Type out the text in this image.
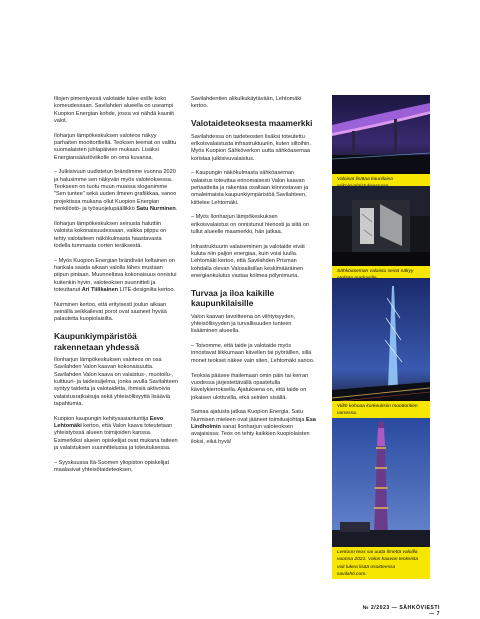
Iltojen pimentyessä valotaide tulee esille koko komeudessaan. Savilahden alueella on useampi Kuopion Energian kohde, jossa voi nähdä kauniit valot.

Iloharjun lämpökeskuksen valoteos näkyy parhaiten moottoritieltä. Teoksen teemat on valittu suomalaisten juhlapäivien mukaan. Lisäksi Energiansäästöviikolle on oma kuvansa.

– Julkisivuun uudistetun brändimme vuonna 2020 ja halusimme sen näkyvän myös valoteoksessa. Teokseen on tuotu muun muassa sloganimme "Sen tuntee" sekä uuden ilmeen grafiikkaa, sanoo projektissa mukana ollut Kuopion Energian henkilöstö- ja työsuojelupäällikkö Satu Nurminen.

Iloharjun lämpökeskuksen seinusta haluttiin valoista kokonaisuudessaan, vaikka piippu on tehty valotaiteen näkökulmasta haastavasta todella tummasta corten teräksestä.

– Myös Kuopion Energian brändiväri keltainen on hankala saada aikaan valolla lähes mustaan piipun pintaan. Muunneltava kokonaisuus onnistui kuitenkin hyvin, valoteoksen suunnitteli ja toteuttanut Ari Tiilikainen LITE-designilta kertoo.

Nurminen kertoo, että erityisesti joulun aikaan seinällä seikkailevat porot ovat saaneet hyvää palautetta kuopiolaisilta.

Kaupunkiympäristöä rakennetaan yhdessä

Ilonharjun lämpökeskuksen valoteos on osa Savilahden Valon kaavan kokonaisuutta. Savilahden Valon kaava on valaistus-, muotoilu-, kulttuuri- ja taidesuljelma, jonka avulla Savilahteen syntyy taidetta ja valotaidetta, ihmisiä aktivoivia valaistusratkaisuja sekä yhteisöllisyyttä lisääviä tapahtumia.

Kuopion kaupungin kehitysasiantuntija Eevo Lehtomäki kertoo, että Valon kaava toteutetaan yhteistyössä alueen toimijoiden kanssa. Esimerkiksi alueen opiskelijat ovat mukana taiteen ja valaistuksen suunnittelussa ja toteutuksessa.

– Syyskuussa Itä-Suomen yliopiston opiskelijat maalasivat yhteisötaideteoksen,

Savilahdentien alikulkukäytävään, Lehtomäki kertoo.

Valotaideteoksesta maamerkki

Savilahdessa on taideteosten lisäksi toteutettu erikoisvalaistusta infrastruktuuriin, kuten siltoihin. Myös Kuopion Sähköverkon uutta sähköasemaa koristaa julkisivuvalaistus.

– Kaupungin näkökulmasta sähköaseman valaistus toteuttaa erinomaisesti Valon kaavan periaatteita ja rakentaa osaltaan kiinnostavan ja omaleimaista kaupunkiympäristöä Savilahteen, kiittelee Lehtomäki.

– Myös Ilonharjun lämpökeskuksen erikoisvalaistus on onnistunut hienosti ja siitä on tullut alueelle maamerkki, hän jatkaa.

Infrastruktuurin valaiseminen ja valotaide eivät kuluta niin paljon energiaa, kuin voisi luulla. Lehtomäki kertoo, että Savilahden Prisman kohdalla olevan Valosalisillan keskimääräinen energiankulutus vastaa kolmea pölynimuria.

Turvaa ja iloa kaikille kaupunkilaisille

Valon kaavan tavoitteena on viihtyisyyden, yhteisöllisyyden ja turvallisuuden tunteen lisääminen alueella.

– Toivomme, että taide ja valotaide myös innostavat liikkumaan kävellen tai pyöräillen, sillä monet teokset näkee vain siten, Lehtomäki sanoo.

Teoksia pääsee ihailemaan omin päin tai kerran vuodessa järjestettävällä opastetulla kävelykierroksella. Ajatuksena on, että taide on jokaisen ulottuvilla, eikä seinien sisällä.

Samaa ajatusta jatkaa Kuopion Energia. Satu Nurmisen mieleen ovat jääneet toimitusjohtaja Esa Lindholmin sanat Ilonharjun valoteoksen avajaisissa: Teos on tehty kaikkien kuopiolaisten iloksi, eikä hyvä!

Valoisat lisätaa kaunilaisa
Sähköaseman valaistu seinä näkyy
Viiltö kohoaa korkeuksiin moottoritien varressa.
Lentoon-teos sai uutta ilmettä valoilla vuonna 2021. Valon kaavan teoksista voit lukea lisää osoitteessa savilahti.com.
№ 2/2023 — SÄHKÖVIESTI — 7
